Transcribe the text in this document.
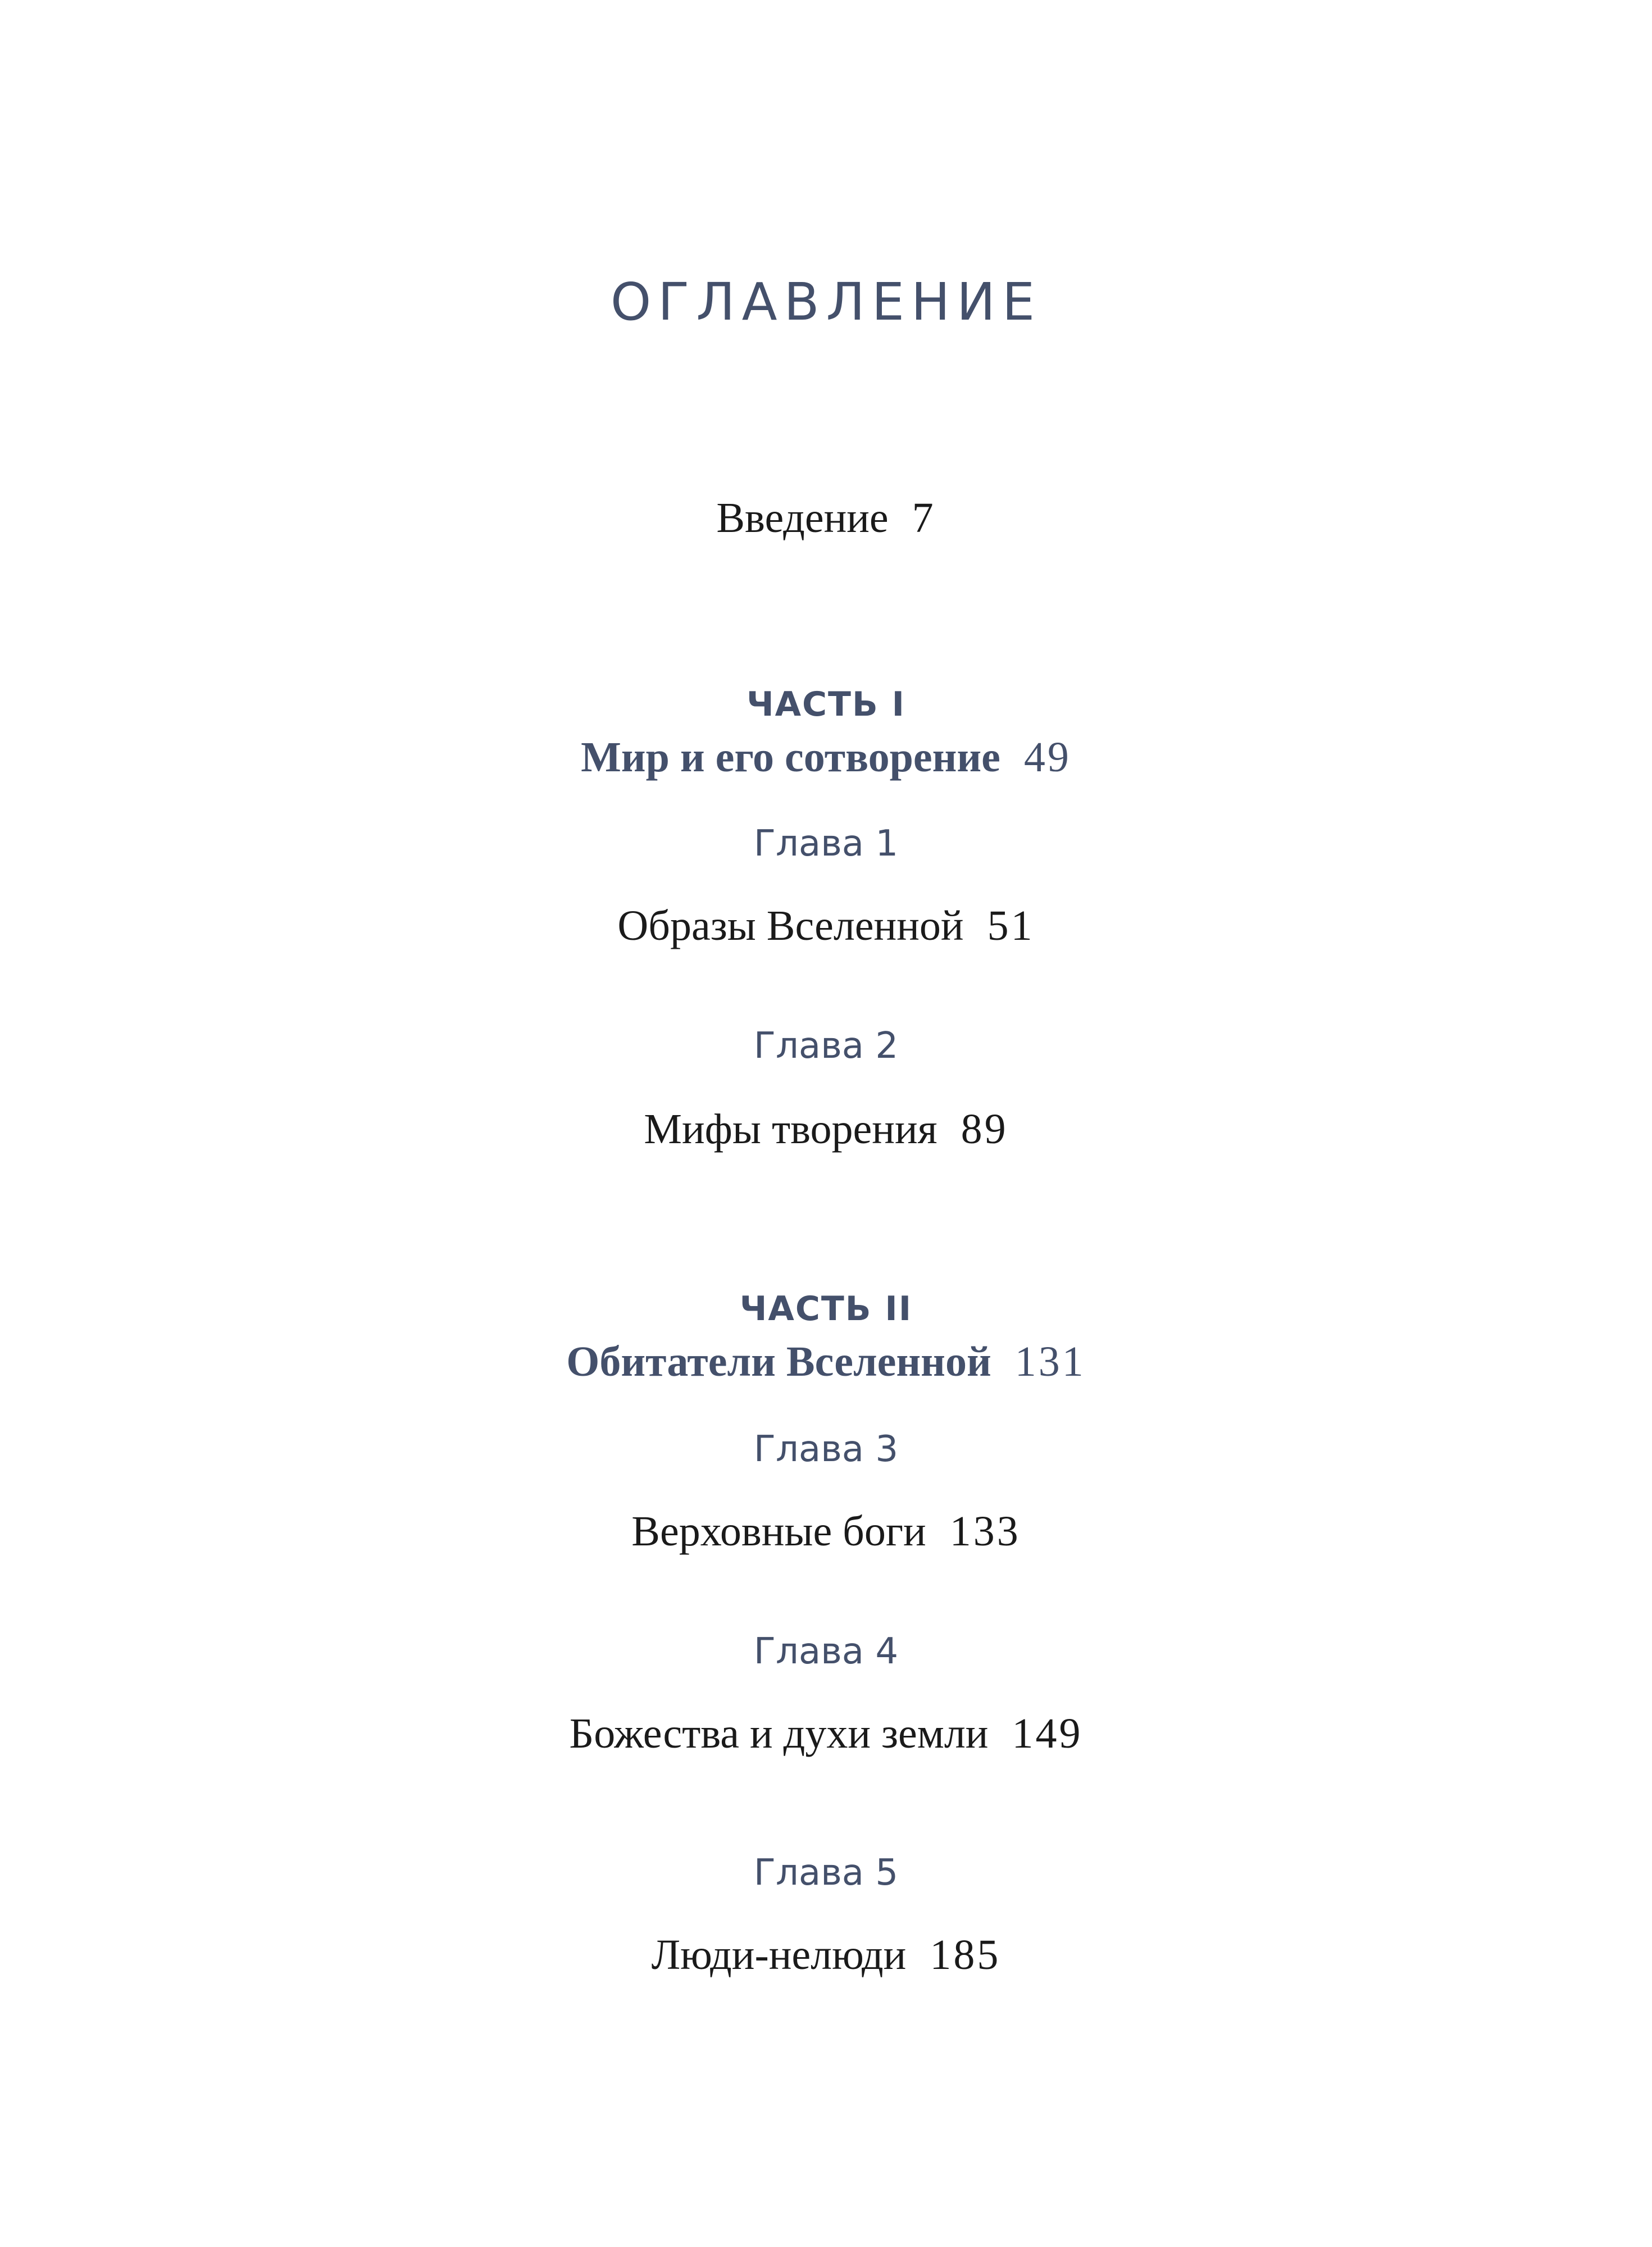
ОГЛАВЛЕНИЕ
Введение 7
ЧАСТЬ I
Мир и его сотворение 49
Глава 1
Образы Вселенной 51
Глава 2
Мифы творения 89
ЧАСТЬ II
Обитатели Вселенной 131
Глава 3
Верховные боги 133
Глава 4
Божества и духи земли 149
Глава 5
Люди-нелюди 185
